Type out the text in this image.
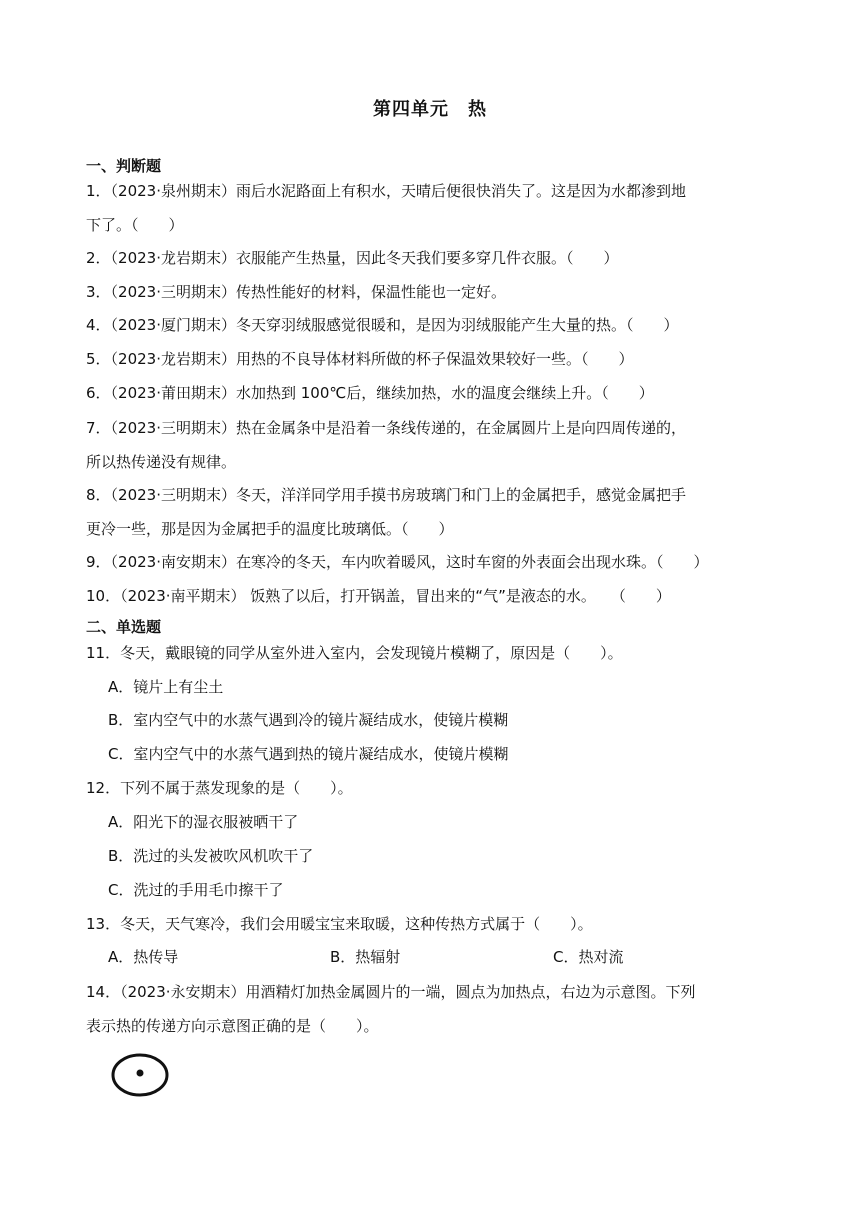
第四单元　热
一、判断题
1．（2023·泉州期末）雨后水泥路面上有积水，天晴后便很快消失了。这是因为水都渗到地
下了。（　　）
2．（2023·龙岩期末）衣服能产生热量，因此冬天我们要多穿几件衣服。（　　）
3．（2023·三明期末）传热性能好的材料，保温性能也一定好。
4．（2023·厦门期末）冬天穿羽绒服感觉很暖和，是因为羽绒服能产生大量的热。（　　）
5．（2023·龙岩期末）用热的不良导体材料所做的杯子保温效果较好一些。（　　）
6．（2023·莆田期末）水加热到 100℃后，继续加热，水的温度会继续上升。（　　）
7．（2023·三明期末）热在金属条中是沿着一条线传递的，在金属圆片上是向四周传递的，
所以热传递没有规律。
8．（2023·三明期末）冬天，洋洋同学用手摸书房玻璃门和门上的金属把手，感觉金属把手
更冷一些，那是因为金属把手的温度比玻璃低。（　　）
9．（2023·南安期末）在寒冷的冬天，车内吹着暖风，这时车窗的外表面会出现水珠。（　　）
10．（2023·南平期末） 饭熟了以后，打开锅盖，冒出来的“气”是液态的水。　　（　　）
二、单选题
11．冬天，戴眼镜的同学从室外进入室内，会发现镜片模糊了，原因是（　　）。
A．镜片上有尘土
B．室内空气中的水蒸气遇到冷的镜片凝结成水，使镜片模糊
C．室内空气中的水蒸气遇到热的镜片凝结成水，使镜片模糊
12．下列不属于蒸发现象的是（　　）。
A．阳光下的湿衣服被晒干了
B．洗过的头发被吹风机吹干了
C．洗过的手用毛巾擦干了
13．冬天，天气寒冷，我们会用暖宝宝来取暖，这种传热方式属于（　　）。
A．热传导	B．热辐射	C．热对流
14．（2023·永安期末）用酒精灯加热金属圆片的一端，圆点为加热点，右边为示意图。下列
表示热的传递方向示意图正确的是（　　）。
